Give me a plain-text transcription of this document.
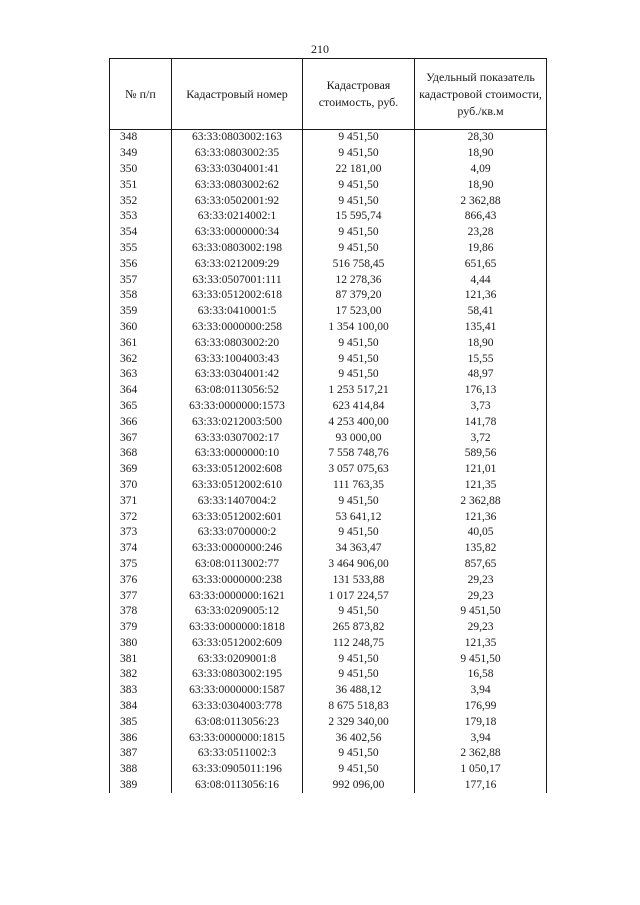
210
№ п/п	Кадастровый номер	Кадастровая стоимость, руб.	Удельный показатель кадастровой стоимости, руб./кв.м
348	63:33:0803002:163	9 451,50	28,30
349	63:33:0803002:35	9 451,50	18,90
350	63:33:0304001:41	22 181,00	4,09
351	63:33:0803002:62	9 451,50	18,90
352	63:33:0502001:92	9 451,50	2 362,88
353	63:33:0214002:1	15 595,74	866,43
354	63:33:0000000:34	9 451,50	23,28
355	63:33:0803002:198	9 451,50	19,86
356	63:33:0212009:29	516 758,45	651,65
357	63:33:0507001:111	12 278,36	4,44
358	63:33:0512002:618	87 379,20	121,36
359	63:33:0410001:5	17 523,00	58,41
360	63:33:0000000:258	1 354 100,00	135,41
361	63:33:0803002:20	9 451,50	18,90
362	63:33:1004003:43	9 451,50	15,55
363	63:33:0304001:42	9 451,50	48,97
364	63:08:0113056:52	1 253 517,21	176,13
365	63:33:0000000:1573	623 414,84	3,73
366	63:33:0212003:500	4 253 400,00	141,78
367	63:33:0307002:17	93 000,00	3,72
368	63:33:0000000:10	7 558 748,76	589,56
369	63:33:0512002:608	3 057 075,63	121,01
370	63:33:0512002:610	111 763,35	121,35
371	63:33:1407004:2	9 451,50	2 362,88
372	63:33:0512002:601	53 641,12	121,36
373	63:33:0700000:2	9 451,50	40,05
374	63:33:0000000:246	34 363,47	135,82
375	63:08:0113002:77	3 464 906,00	857,65
376	63:33:0000000:238	131 533,88	29,23
377	63:33:0000000:1621	1 017 224,57	29,23
378	63:33:0209005:12	9 451,50	9 451,50
379	63:33:0000000:1818	265 873,82	29,23
380	63:33:0512002:609	112 248,75	121,35
381	63:33:0209001:8	9 451,50	9 451,50
382	63:33:0803002:195	9 451,50	16,58
383	63:33:0000000:1587	36 488,12	3,94
384	63:33:0304003:778	8 675 518,83	176,99
385	63:08:0113056:23	2 329 340,00	179,18
386	63:33:0000000:1815	36 402,56	3,94
387	63:33:0511002:3	9 451,50	2 362,88
388	63:33:0905011:196	9 451,50	1 050,17
389	63:08:0113056:16	992 096,00	177,16
